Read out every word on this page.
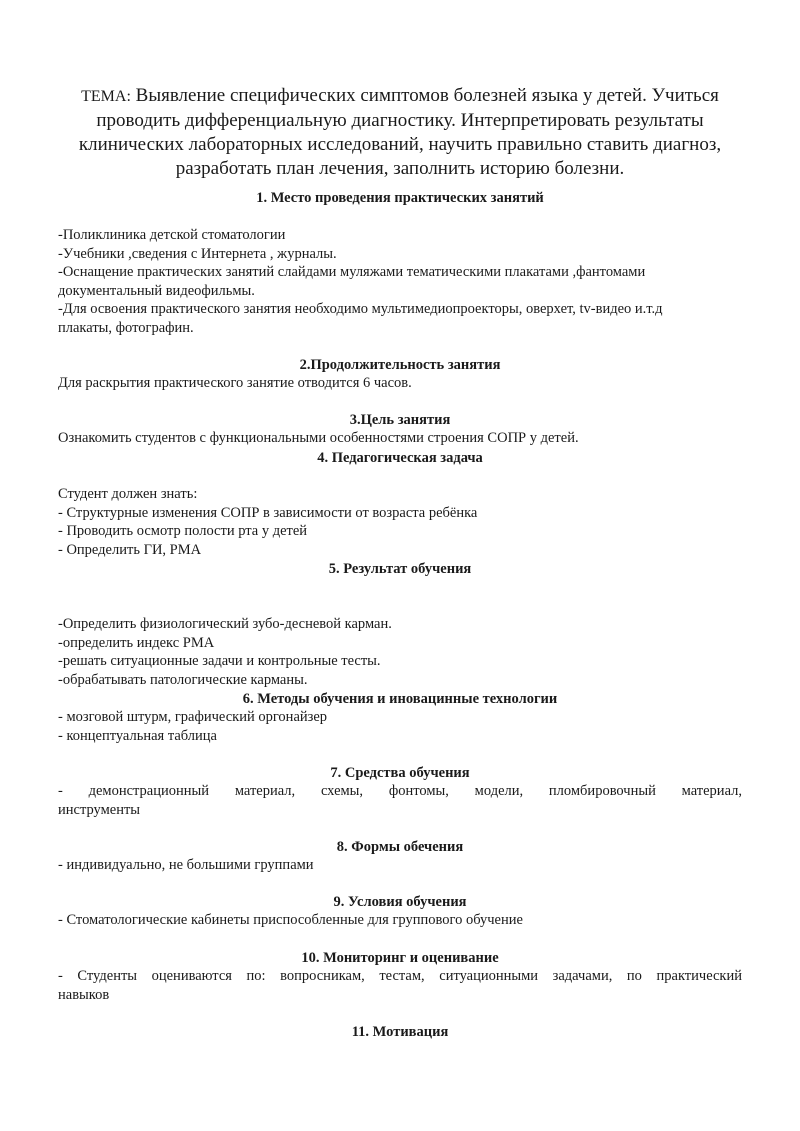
ТЕМА: Выявление специфических симптомов болезней языка у детей. Учиться
проводить дифференциальную диагностику. Интерпретировать результаты
клинических лабораторных исследований, научить правильно ставить диагноз,
разработать план лечения, заполнить историю болезни.
1. Место проведения практических занятий
-Поликлиника детской стоматологии
-Учебники ,сведения с Интернета , журналы.
-Оснащение практических занятий слайдами муляжами тематическими плакатами ,фантомами
документальный видеофильмы.
-Для освоения практического занятия необходимо мультимедиопроекторы, оверхет, tv-видео и.т.д
плакаты, фотографин.
2.Продолжительность занятия
Для раскрытия практического занятие отводится 6 часов.
3.Цель занятия
Ознакомить студентов с функциональными особенностями строения СОПР у детей.
4. Педагогическая задача
Студент должен знать:
- Структурные изменения СОПР в зависимости от возраста ребёнка
- Проводить осмотр полости рта у детей
- Определить ГИ, РМА
5. Результат обучения
-Определить физиологический зубо-десневой карман.
-определить индекс РМА
-решать ситуационные задачи и контрольные тесты.
-обрабатывать патологические карманы.
6. Методы обучения и иновацинные технологии
- мозговой штурм, графический оргонайзер
- концептуальная таблица
7. Средства обучения
- демонстрационный материал, схемы, фонтомы, модели, пломбировочный материал,
инструменты
8. Формы обечения
- индивидуально, не большими группами
9. Условия обучения
- Стоматологические кабинеты приспособленные для группового обучение
10. Мониторинг и оценивание
- Студенты оцениваются по: вопросникам, тестам, ситуационными задачами, по практический
навыков
11. Мотивация
